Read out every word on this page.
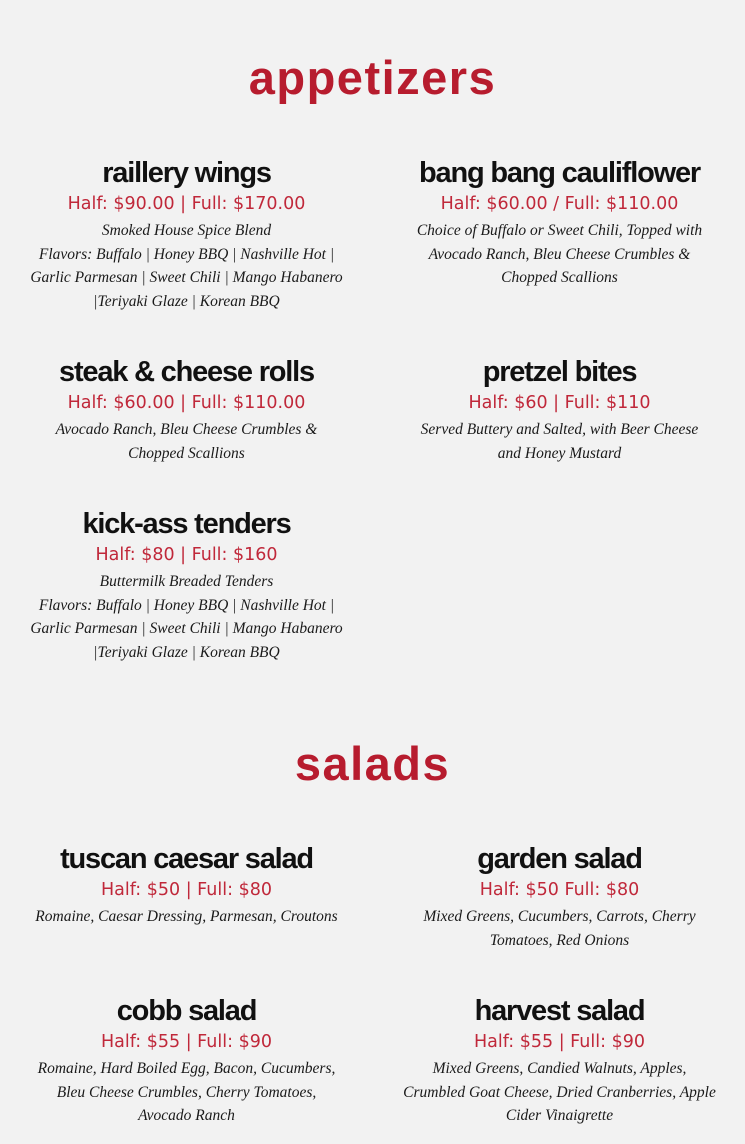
appetizers
raillery wings
Half: $90.00 | Full: $170.00
Smoked House Spice Blend
Flavors: Buffalo | Honey BBQ | Nashville Hot |
Garlic Parmesan | Sweet Chili | Mango Habanero
|Teriyaki Glaze | Korean BBQ
bang bang cauliflower
Half: $60.00 / Full: $110.00
Choice of Buffalo or Sweet Chili, Topped with
Avocado Ranch, Bleu Cheese Crumbles &
Chopped Scallions
steak & cheese rolls
Half: $60.00 | Full: $110.00
Avocado Ranch, Bleu Cheese Crumbles &
Chopped Scallions
pretzel bites
Half: $60 | Full: $110
Served Buttery and Salted, with Beer Cheese
and Honey Mustard
kick-ass tenders
Half: $80 | Full: $160
Buttermilk Breaded Tenders
Flavors: Buffalo | Honey BBQ | Nashville Hot |
Garlic Parmesan | Sweet Chili | Mango Habanero
|Teriyaki Glaze | Korean BBQ
salads
tuscan caesar salad
Half: $50 | Full: $80
Romaine, Caesar Dressing, Parmesan, Croutons
garden salad
Half: $50 Full: $80
Mixed Greens, Cucumbers, Carrots, Cherry
Tomatoes, Red Onions
cobb salad
Half: $55 | Full: $90
Romaine, Hard Boiled Egg, Bacon, Cucumbers,
Bleu Cheese Crumbles, Cherry Tomatoes,
Avocado Ranch
harvest salad
Half: $55 | Full: $90
Mixed Greens, Candied Walnuts, Apples,
Crumbled Goat Cheese, Dried Cranberries, Apple
Cider Vinaigrette
